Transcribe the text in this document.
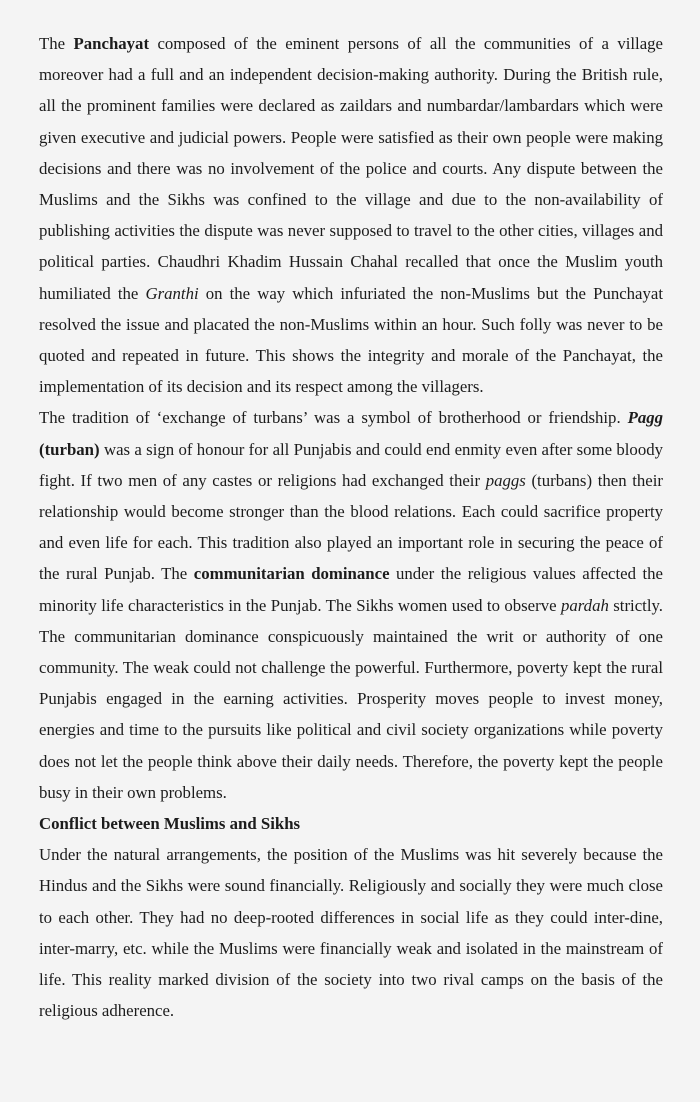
The Panchayat composed of the eminent persons of all the communities of a village moreover had a full and an independent decision-making authority. During the British rule, all the prominent families were declared as zaildars and numbardar/lambardars which were given executive and judicial powers. People were satisfied as their own people were making decisions and there was no involvement of the police and courts. Any dispute between the Muslims and the Sikhs was confined to the village and due to the non-availability of publishing activities the dispute was never supposed to travel to the other cities, villages and political parties. Chaudhri Khadim Hussain Chahal recalled that once the Muslim youth humiliated the Granthi on the way which infuriated the non-Muslims but the Punchayat resolved the issue and placated the non-Muslims within an hour. Such folly was never to be quoted and repeated in future. This shows the integrity and morale of the Panchayat, the implementation of its decision and its respect among the villagers.

The tradition of ‘exchange of turbans’ was a symbol of brotherhood or friendship. Pagg (turban) was a sign of honour for all Punjabis and could end enmity even after some bloody fight. If two men of any castes or religions had exchanged their paggs (turbans) then their relationship would become stronger than the blood relations. Each could sacrifice property and even life for each. This tradition also played an important role in securing the peace of the rural Punjab. The communitarian dominance under the religious values affected the minority life characteristics in the Punjab. The Sikhs women used to observe pardah strictly. The communitarian dominance conspicuously maintained the writ or authority of one community. The weak could not challenge the powerful. Furthermore, poverty kept the rural Punjabis engaged in the earning activities. Prosperity moves people to invest money, energies and time to the pursuits like political and civil society organizations while poverty does not let the people think above their daily needs. Therefore, the poverty kept the people busy in their own problems.

Conflict between Muslims and Sikhs

Under the natural arrangements, the position of the Muslims was hit severely because the Hindus and the Sikhs were sound financially. Religiously and socially they were much close to each other. They had no deep-rooted differences in social life as they could inter-dine, inter-marry, etc. while the Muslims were financially weak and isolated in the mainstream of life. This reality marked division of the society into two rival camps on the basis of the religious adherence.
